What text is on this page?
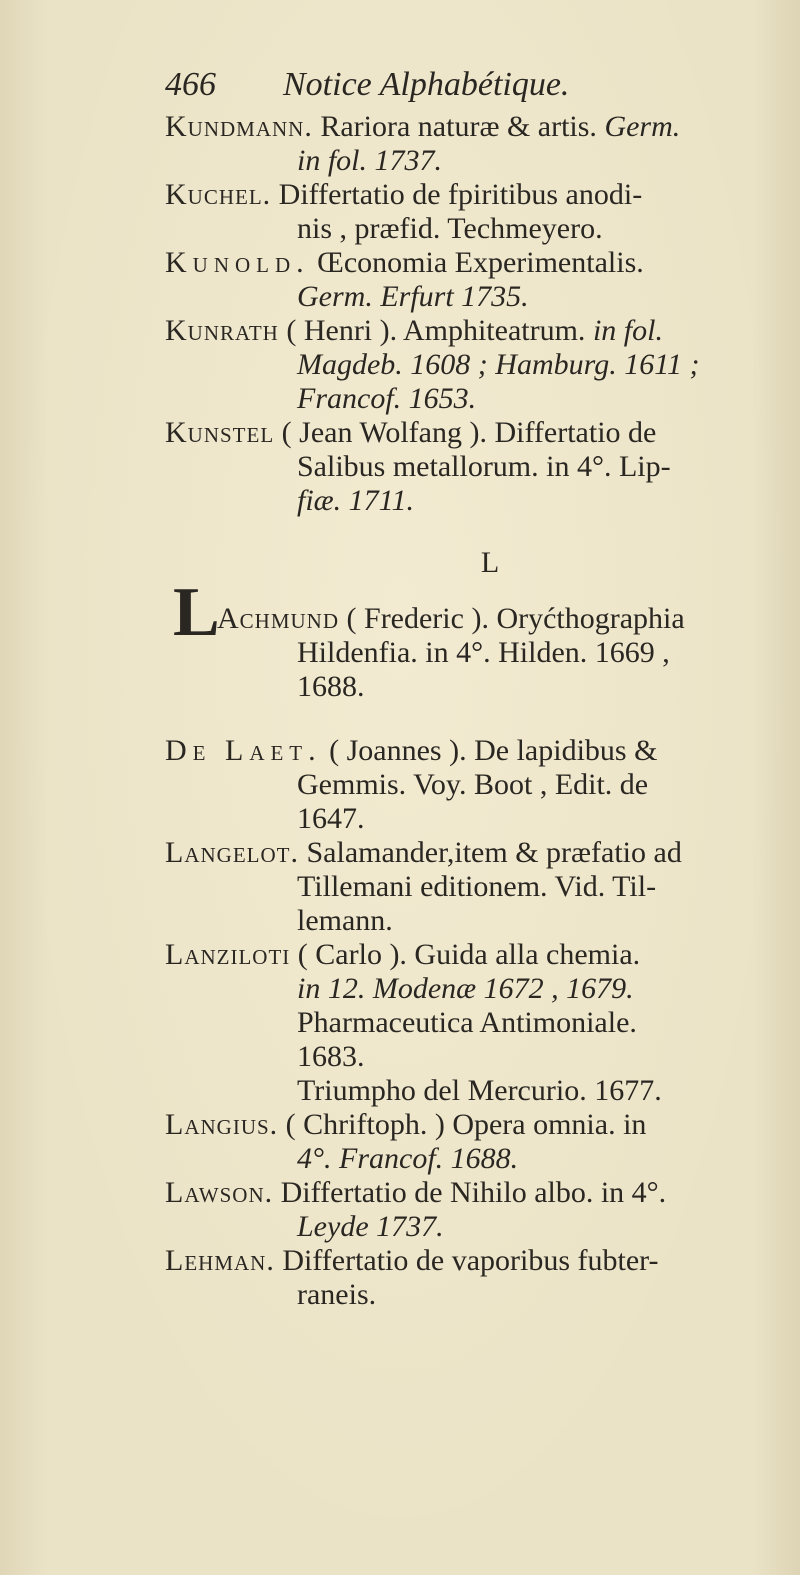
466 Notice Alphabétique.

Kundmann. Rariora naturæ & artis. Germ.
in fol. 1737.

Kuchel. Differtatio de fpiritibus anodi-
nis , præfid. Techmeyero.

Kunold. Œconomia Experimentalis.
Germ. Erfurt 1735.

Kunrath ( Henri ). Amphiteatrum. in fol.
Magdeb. 1608 ; Hamburg. 1611 ;
Francof. 1653.

Kunstel ( Jean Wolfang ). Differtatio de
Salibus metallorum. in 4°. Lip-
fiæ. 1711.

L

L
Achmund ( Frederic ). Oryćthographia
Hildenfia. in 4°. Hilden. 1669 ,
1688.

De Laet. ( Joannes ). De lapidibus &
Gemmis. Voy. Boot , Edit. de
1647.

Langelot. Salamander,item & præfatio ad
Tillemani editionem. Vid. Til-
lemann.

Lanziloti ( Carlo ). Guida alla chemia.
in 12. Modenæ 1672 , 1679.
Pharmaceutica Antimoniale.
1683.
Triumpho del Mercurio. 1677.

Langius. ( Chriftoph. ) Opera omnia. in
4°. Francof. 1688.

Lawson. Differtatio de Nihilo albo. in 4°.
Leyde 1737.

Lehman. Differtatio de vaporibus fubter-
raneis.
